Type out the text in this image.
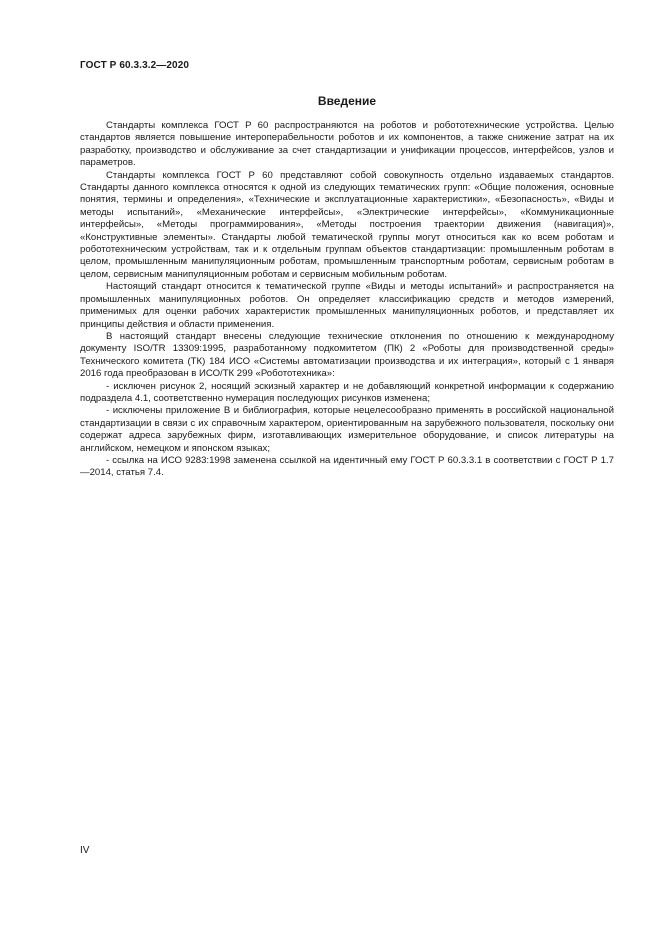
ГОСТ Р 60.3.3.2—2020
Введение

Стандарты комплекса ГОСТ Р 60 распространяются на роботов и робототехнические устройства. Целью стандартов является повышение интероперабельности роботов и их компонентов, а также снижение затрат на их разработку, производство и обслуживание за счет стандартизации и унификации процессов, интерфейсов, узлов и параметров.

Стандарты комплекса ГОСТ Р 60 представляют собой совокупность отдельно издаваемых стандартов. Стандарты данного комплекса относятся к одной из следующих тематических групп: «Общие положения, основные понятия, термины и определения», «Технические и эксплуатационные характеристики», «Безопасность», «Виды и методы испытаний», «Механические интерфейсы», «Электрические интерфейсы», «Коммуникационные интерфейсы», «Методы программирования», «Методы построения траектории движения (навигация)», «Конструктивные элементы». Стандарты любой тематической группы могут относиться как ко всем роботам и робототехническим устройствам, так и к отдельным группам объектов стандартизации: промышленным роботам в целом, промышленным манипуляционным роботам, промышленным транспортным роботам, сервисным роботам в целом, сервисным манипуляционным роботам и сервисным мобильным роботам.

Настоящий стандарт относится к тематической группе «Виды и методы испытаний» и распространяется на промышленных манипуляционных роботов. Он определяет классификацию средств и методов измерений, применимых для оценки рабочих характеристик промышленных манипуляционных роботов, и представляет их принципы действия и области применения.

В настоящий стандарт внесены следующие технические отклонения по отношению к международному документу ISO/TR 13309:1995, разработанному подкомитетом (ПК) 2 «Роботы для производственной среды» Технического комитета (ТК) 184 ИСО «Системы автоматизации производства и их интеграция», который с 1 января 2016 года преобразован в ИСО/ТК 299 «Робототехника»:

- исключен рисунок 2, носящий эскизный характер и не добавляющий конкретной информации к содержанию подраздела 4.1, соответственно нумерация последующих рисунков изменена;

- исключены приложение В и библиография, которые нецелесообразно применять в российской национальной стандартизации в связи с их справочным характером, ориентированным на зарубежного пользователя, поскольку они содержат адреса зарубежных фирм, изготавливающих измерительное оборудование, и список литературы на английском, немецком и японском языках;

- ссылка на ИСО 9283:1998 заменена ссылкой на идентичный ему ГОСТ Р 60.3.3.1 в соответствии с ГОСТ Р 1.7—2014, статья 7.4.

IV
